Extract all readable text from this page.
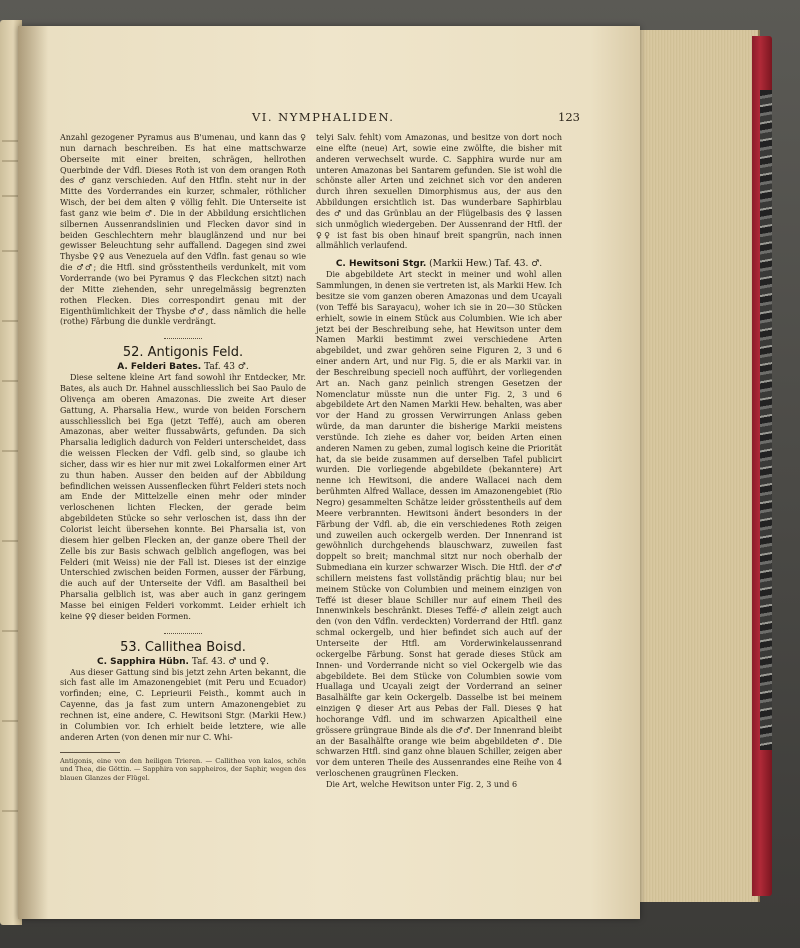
VI. NYMPHALIDEN.	123

Anzahl gezogener Pyramus aus B'umenau, und kann das ♀ nun darnach beschreiben. Es hat eine mattschwarze Oberseite mit einer breiten, schrägen, hellrothen Querbinde der Vdfl. Dieses Roth ist von dem orangen Roth des ♂ ganz verschieden. Auf den Htfln. steht nur in der Mitte des Vorderrandes ein kurzer, schmaler, röthlicher Wisch, der bei dem alten ♀ völlig fehlt. Die Unterseite ist fast ganz wie beim ♂. Die in der Abbildung ersichtlichen silbernen Aussenrandslinien und Flecken davor sind in beiden Geschlechtern mehr blauglänzend und nur bei gewisser Beleuchtung sehr auffallend. Dagegen sind zwei Thysbe ♀♀ aus Venezuela auf den Vdfln. fast genau so wie die ♂♂; die Htfl. sind grösstentheils verdunkelt, mit vom Vorderrande (wo bei Pyramus ♀ das Fleckchen sitzt) nach der Mitte ziehenden, sehr unregelmässig begrenzten rothen Flecken. Dies correspondirt genau mit der Eigenthümlichkeit der Thysbe ♂♂, dass nämlich die helle (rothe) Färbung die dunkle verdrängt.

52. Antigonis Feld.
A. Felderi Bates. Taf. 43 ♂.

Diese seltene kleine Art fand sowohl ihr Entdecker, Mr. Bates, als auch Dr. Hahnel ausschliesslich bei Sao Paulo de Olivença am oberen Amazonas. Die zweite Art dieser Gattung, A. Pharsalia Hew., wurde von beiden Forschern ausschliesslich bei Ega (jetzt Teffé), auch am oberen Amazonas, aber weiter flussabwärts, gefunden. Da sich Pharsalia lediglich dadurch von Felderi unterscheidet, dass die weissen Flecken der Vdfl. gelb sind, so glaube ich sicher, dass wir es hier nur mit zwei Lokalformen einer Art zu thun haben. Ausser den beiden auf der Abbildung befindlichen weissen Aussenflecken führt Felderi stets noch am Ende der Mittelzelle einen mehr oder minder verloschenen lichten Flecken, der gerade beim abgebildeten Stücke so sehr verloschen ist, dass ihn der Colorist leicht übersehen konnte. Bei Pharsalia ist, von diesem hier gelben Flecken an, der ganze obere Theil der Zelle bis zur Basis schwach gelblich angeflogen, was bei Felderi (mit Weiss) nie der Fall ist. Dieses ist der einzige Unterschied zwischen beiden Formen, ausser der Färbung, die auch auf der Unterseite der Vdfl. am Basaltheil bei Pharsalia gelblich ist, was aber auch in ganz geringem Masse bei einigen Felderi vorkommt. Leider erhielt ich keine ♀♀ dieser beiden Formen.

53. Callithea Boisd.
C. Sapphira Hübn. Taf. 43. ♂ und ♀.

Aus dieser Gattung sind bis jetzt zehn Arten bekannt, die sich fast alle im Amazonengebiet (mit Peru und Ecuador) vorfinden; eine, C. Leprieurii Feisth., kommt auch in Cayenne, das ja fast zum untern Amazonengebiet zu rechnen ist, eine andere, C. Hewitsoni Stgr. (Markii Hew.) in Columbien vor. Ich erhielt beide letztere, wie alle anderen Arten (von denen mir nur C. Whi-

Antigonis, eine von den heiligen Trieren. — Callithea von kalos, schön und Thea, die Göttin. — Sapphira von sappheiros, der Saphir, wegen des blauen Glanzes der Flügel.

telyi Salv. fehlt) vom Amazonas, und besitze von dort noch eine elfte (neue) Art, sowie eine zwölfte, die bisher mit anderen verwechselt wurde. C. Sapphira wurde nur am unteren Amazonas bei Santarem gefunden. Sie ist wohl die schönste aller Arten und zeichnet sich vor den anderen durch ihren sexuellen Dimorphismus aus, der aus den Abbildungen ersichtlich ist. Das wunderbare Saphirblau des ♂ und das Grünblau an der Flügelbasis des ♀ lassen sich unmöglich wiedergeben. Der Aussenrand der Htfl. der ♀♀ ist fast bis oben hinauf breit spangrün, nach innen allmählich verlaufend.

C. Hewitsoni Stgr. (Markii Hew.) Taf. 43. ♂.

Die abgebildete Art steckt in meiner und wohl allen Sammlungen, in denen sie vertreten ist, als Markii Hew. Ich besitze sie vom ganzen oberen Amazonas und dem Ucayali (von Teffé bis Sarayacu), woher ich sie in 20—30 Stücken erhielt, sowie in einem Stück aus Columbien. Wie ich aber jetzt bei der Beschreibung sehe, hat Hewitson unter dem Namen Markii bestimmt zwei verschiedene Arten abgebildet, und zwar gehören seine Figuren 2, 3 und 6 einer andern Art, und nur Fig. 5, die er als Markii var. in der Beschreibung speciell noch aufführt, der vorliegenden Art an. Nach ganz peinlich strengen Gesetzen der Nomenclatur müsste nun die unter Fig. 2, 3 und 6 abgebildete Art den Namen Markii Hew. behalten, was aber vor der Hand zu grossen Verwirrungen Anlass geben würde, da man darunter die bisherige Markii meistens verstünde. Ich ziehe es daher vor, beiden Arten einen anderen Namen zu geben, zumal logisch keine die Priorität hat, da sie beide zusammen auf derselben Tafel publicirt wurden. Die vorliegende abgebildete (bekanntere) Art nenne ich Hewitsoni, die andere Wallacei nach dem berühmten Alfred Wallace, dessen im Amazonengebiet (Rio Negro) gesammelten Schätze leider grösstentheils auf dem Meere verbrannten. Hewitsoni ändert besonders in der Färbung der Vdfl. ab, die ein verschiedenes Roth zeigen und zuweilen auch ockergelb werden. Der Innenrand ist gewöhnlich durchgehends blauschwarz, zuweilen fast doppelt so breit; manchmal sitzt nur noch oberhalb der Submediana ein kurzer schwarzer Wisch. Die Htfl. der ♂♂ schillern meistens fast vollständig prächtig blau; nur bei meinem Stücke von Columbien und meinem einzigen von Teffé ist dieser blaue Schiller nur auf einem Theil des Innenwinkels beschränkt. Dieses Teffé-♂ allein zeigt auch den (von den Vdfln. verdeckten) Vorderrand der Htfl. ganz schmal ockergelb, und hier befindet sich auch auf der Unterseite der Htfl. am Vorderwinkelaussenrand ockergelbe Färbung. Sonst hat gerade dieses Stück am Innen- und Vorderrande nicht so viel Ockergelb wie das abgebildete. Bei dem Stücke von Columbien sowie vom Huallaga und Ucayali zeigt der Vorderrand an seiner Basalhälfte gar kein Ockergelb. Dasselbe ist bei meinem einzigen ♀ dieser Art aus Pebas der Fall. Dieses ♀ hat hochorange Vdfl. und im schwarzen Apicaltheil eine grössere grüngraue Binde als die ♂♂. Der Innenrand bleibt an der Basalhälfte orange wie beim abgebildeten ♂. Die schwarzen Htfl. sind ganz ohne blauen Schiller, zeigen aber vor dem unteren Theile des Aussenrandes eine Reihe von 4 verloschenen graugrünen Flecken.

Die Art, welche Hewitson unter Fig. 2, 3 und 6
